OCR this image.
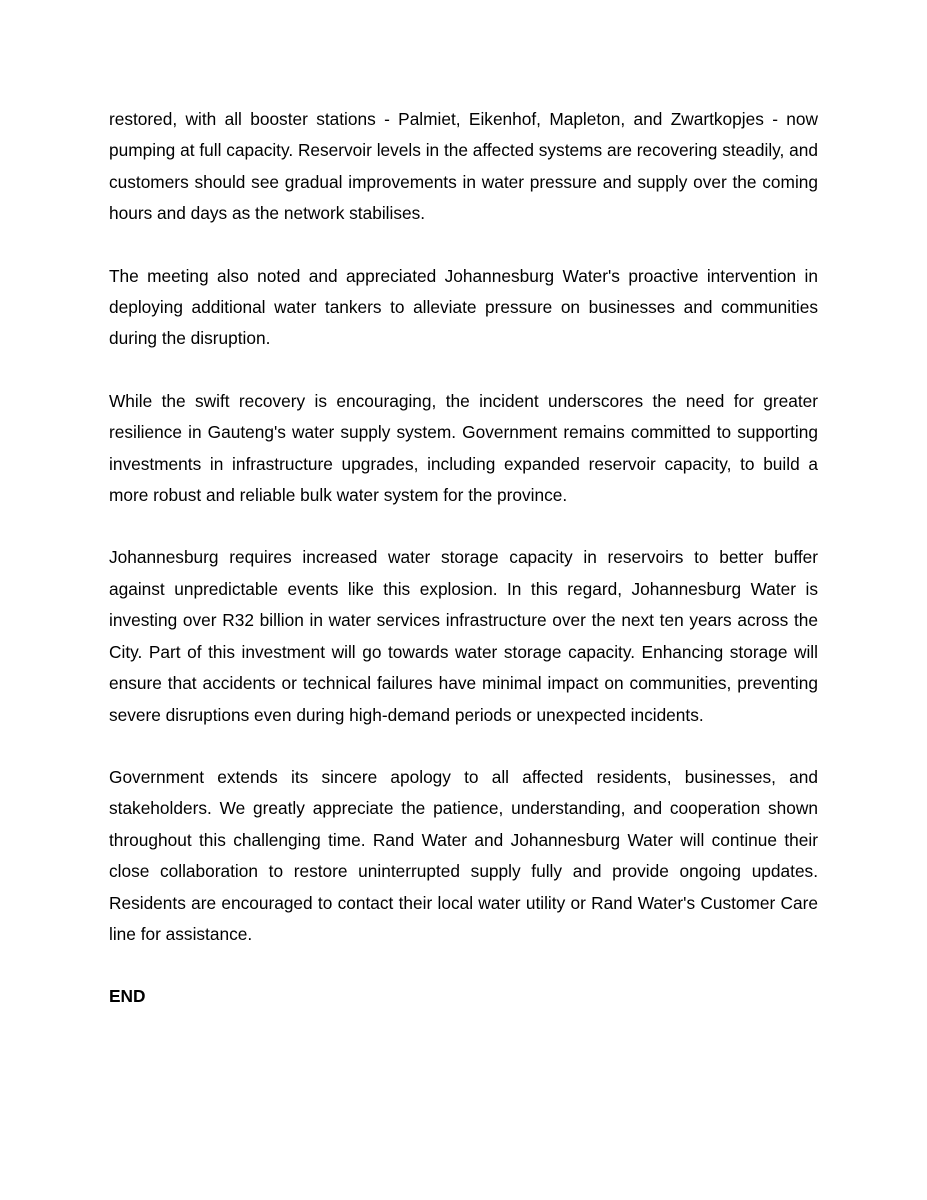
restored, with all booster stations - Palmiet, Eikenhof, Mapleton, and Zwartkopjes - now pumping at full capacity. Reservoir levels in the affected systems are recovering steadily, and customers should see gradual improvements in water pressure and supply over the coming hours and days as the network stabilises.

The meeting also noted and appreciated Johannesburg Water's proactive intervention in deploying additional water tankers to alleviate pressure on businesses and communities during the disruption.

While the swift recovery is encouraging, the incident underscores the need for greater resilience in Gauteng's water supply system. Government remains committed to supporting investments in infrastructure upgrades, including expanded reservoir capacity, to build a more robust and reliable bulk water system for the province.

Johannesburg requires increased water storage capacity in reservoirs to better buffer against unpredictable events like this explosion. In this regard, Johannesburg Water is investing over R32 billion in water services infrastructure over the next ten years across the City. Part of this investment will go towards water storage capacity. Enhancing storage will ensure that accidents or technical failures have minimal impact on communities, preventing severe disruptions even during high-demand periods or unexpected incidents.

Government extends its sincere apology to all affected residents, businesses, and stakeholders. We greatly appreciate the patience, understanding, and cooperation shown throughout this challenging time. Rand Water and Johannesburg Water will continue their close collaboration to restore uninterrupted supply fully and provide ongoing updates. Residents are encouraged to contact their local water utility or Rand Water's Customer Care line for assistance.

END
